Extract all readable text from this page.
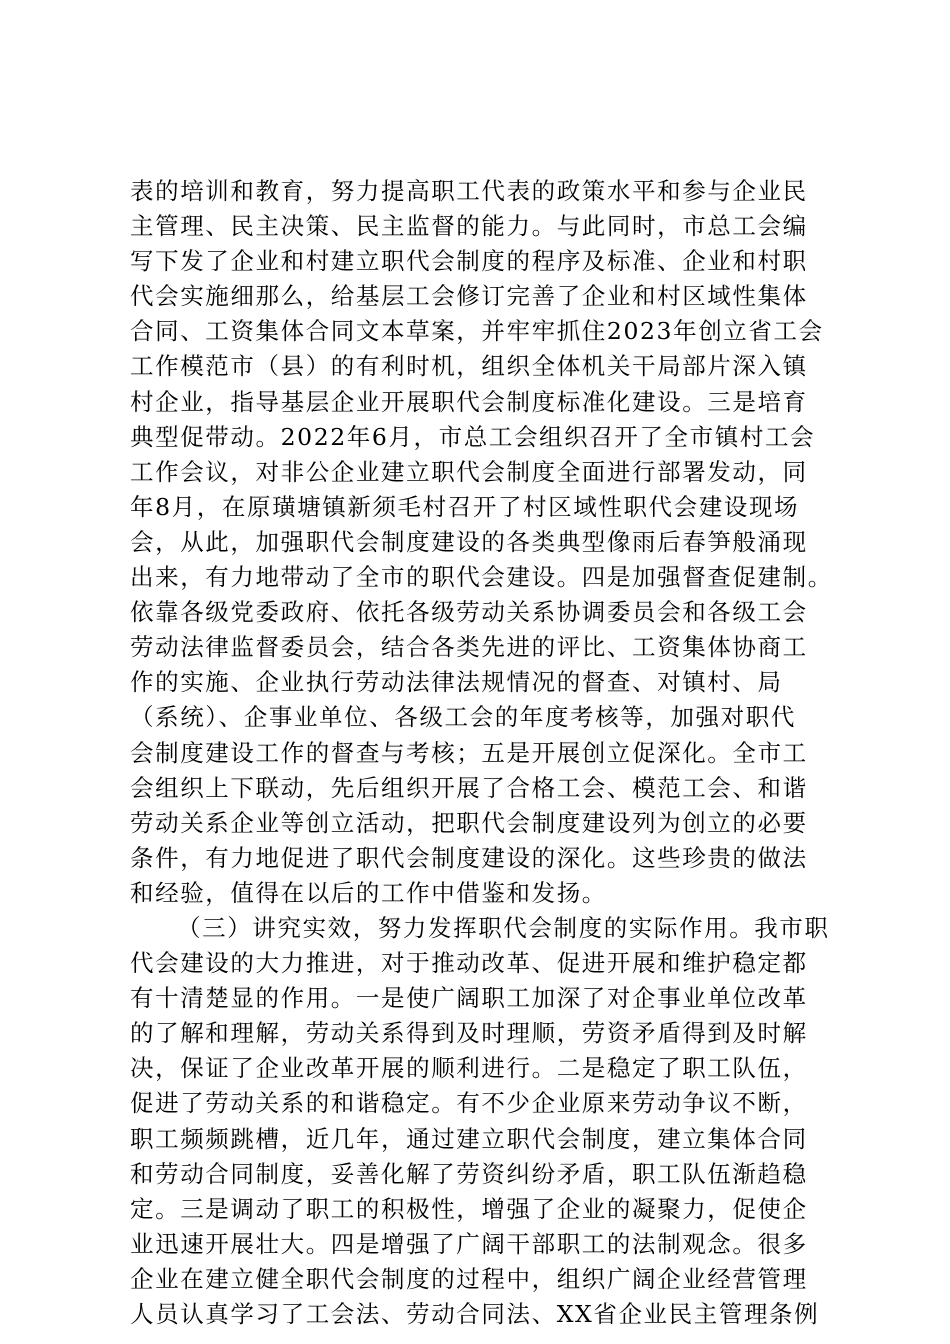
表的培训和教育，努力提高职工代表的政策水平和参与企业民
主管理、民主决策、民主监督的能力。与此同时，市总工会编
写下发了企业和村建立职代会制度的程序及标准、企业和村职
代会实施细那么，给基层工会修订完善了企业和村区域性集体
合同、工资集体合同文本草案，并牢牢抓住2023年创立省工会
工作模范市（县）的有利时机，组织全体机关干局部片深入镇
村企业，指导基层企业开展职代会制度标准化建设。三是培育
典型促带动。2022年6月，市总工会组织召开了全市镇村工会
工作会议，对非公企业建立职代会制度全面进行部署发动，同
年8月，在原璜塘镇新须毛村召开了村区域性职代会建设现场
会，从此，加强职代会制度建设的各类典型像雨后春笋般涌现
出来，有力地带动了全市的职代会建设。四是加强督查促建制。
依靠各级党委政府、依托各级劳动关系协调委员会和各级工会
劳动法律监督委员会，结合各类先进的评比、工资集体协商工
作的实施、企业执行劳动法律法规情况的督查、对镇村、局
（系统）、企事业单位、各级工会的年度考核等，加强对职代
会制度建设工作的督查与考核；五是开展创立促深化。全市工
会组织上下联动，先后组织开展了合格工会、模范工会、和谐
劳动关系企业等创立活动，把职代会制度建设列为创立的必要
条件，有力地促进了职代会制度建设的深化。这些珍贵的做法
和经验，值得在以后的工作中借鉴和发扬。
（三）讲究实效，努力发挥职代会制度的实际作用。我市职
代会建设的大力推进，对于推动改革、促进开展和维护稳定都
有十清楚显的作用。一是使广阔职工加深了对企事业单位改革
的了解和理解，劳动关系得到及时理顺，劳资矛盾得到及时解
决，保证了企业改革开展的顺利进行。二是稳定了职工队伍，
促进了劳动关系的和谐稳定。有不少企业原来劳动争议不断，
职工频频跳槽，近几年，通过建立职代会制度，建立集体合同
和劳动合同制度，妥善化解了劳资纠纷矛盾，职工队伍渐趋稳
定。三是调动了职工的积极性，增强了企业的凝聚力，促使企
业迅速开展壮大。四是增强了广阔干部职工的法制观念。很多
企业在建立健全职代会制度的过程中，组织广阔企业经营管理
人员认真学习了工会法、劳动合同法、XX省企业民主管理条例
